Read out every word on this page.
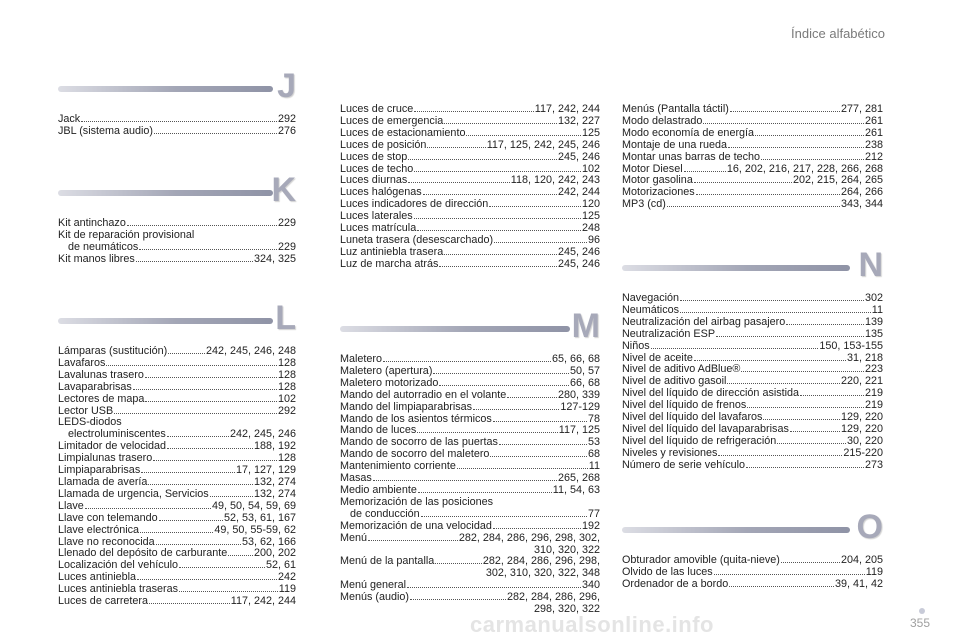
Índice alfabético
J
Jack	292
JBL (sistema audio)	276
K
Kit antinchazo	229
Kit de reparación provisional
de neumáticos	229
Kit manos libres	324, 325
L
Lámparas (sustitución)	242, 245, 246, 248
Lavafaros	128
Lavalunas trasero	128
Lavaparabrisas	128
Lectores de mapa	102
Lector USB	292
LEDS-diodos
electroluminiscentes	242, 245, 246
Limitador de velocidad	188, 192
Limpialunas trasero	128
Limpiaparabrisas	17, 127, 129
Llamada de avería	132, 274
Llamada de urgencia, Servicios	132, 274
Llave	49, 50, 54, 59, 69
Llave con telemando	52, 53, 61, 167
Llave electrónica	49, 50, 55-59, 62
Llave no reconocida	53, 62, 166
Llenado del depósito de carburante 200, 202
Localización del vehículo	52, 61
Luces antiniebla	242
Luces antiniebla traseras	119
Luces de carretera	117, 242, 244
Luces de cruce	117, 242, 244
Luces de emergencia	132, 227
Luces de estacionamiento	125
Luces de posición	117, 125, 242, 245, 246
Luces de stop	245, 246
Luces de techo	102
Luces diurnas	118, 120, 242, 243
Luces halógenas	242, 244
Luces indicadores de dirección	120
Luces laterales	125
Luces matrícula	248
Luneta trasera (desescarchado)	96
Luz antiniebla trasera	245, 246
Luz de marcha atrás	245, 246
M
Maletero	65, 66, 68
Maletero (apertura)	50, 57
Maletero motorizado	66, 68
Mando del autorradio en el volante	280, 339
Mando del limpiaparabrisas	127-129
Mando de los asientos térmicos	78
Mando de luces	117, 125
Mando de socorro de las puertas	53
Mando de socorro del maletero	68
Mantenimiento corriente	11
Masas	265, 268
Medio ambiente	11, 54, 63
Memorización de las posiciones
de conducción	77
Memorización de una velocidad	192
Menú	282, 284, 286, 296, 298, 302,
310, 320, 322
Menú de la pantalla	282, 284, 286, 296, 298,
302, 310, 320, 322, 348
Menú general	340
Menús (audio)	282, 284, 286, 296,
298, 320, 322
Menús (Pantalla táctil)	277, 281
Modo delastrado	261
Modo economía de energía	261
Montaje de una rueda	238
Montar unas barras de techo	212
Motor Diesel	16, 202, 216, 217, 228, 266, 268
Motor gasolina	202, 215, 264, 265
Motorizaciones	264, 266
MP3 (cd)	343, 344
N
Navegación	302
Neumáticos	11
Neutralización del airbag pasajero	139
Neutralización ESP	135
Niños	150, 153-155
Nivel de aceite	31, 218
Nivel de aditivo AdBlue®	223
Nivel de aditivo gasoil	220, 221
Nivel del líquido de dirección asistida	219
Nivel del líquido de frenos	219
Nivel del líquido del lavafaros	129, 220
Nivel del líquido del lavaparabrisas	129, 220
Nivel del líquido de refrigeración	30, 220
Niveles y revisiones	215-220
Número de serie vehículo	273
O
Obturador amovible (quita-nieve)	204, 205
Olvido de las luces	119
Ordenador de a bordo	39, 41, 42
carmanualsonline.info	355
